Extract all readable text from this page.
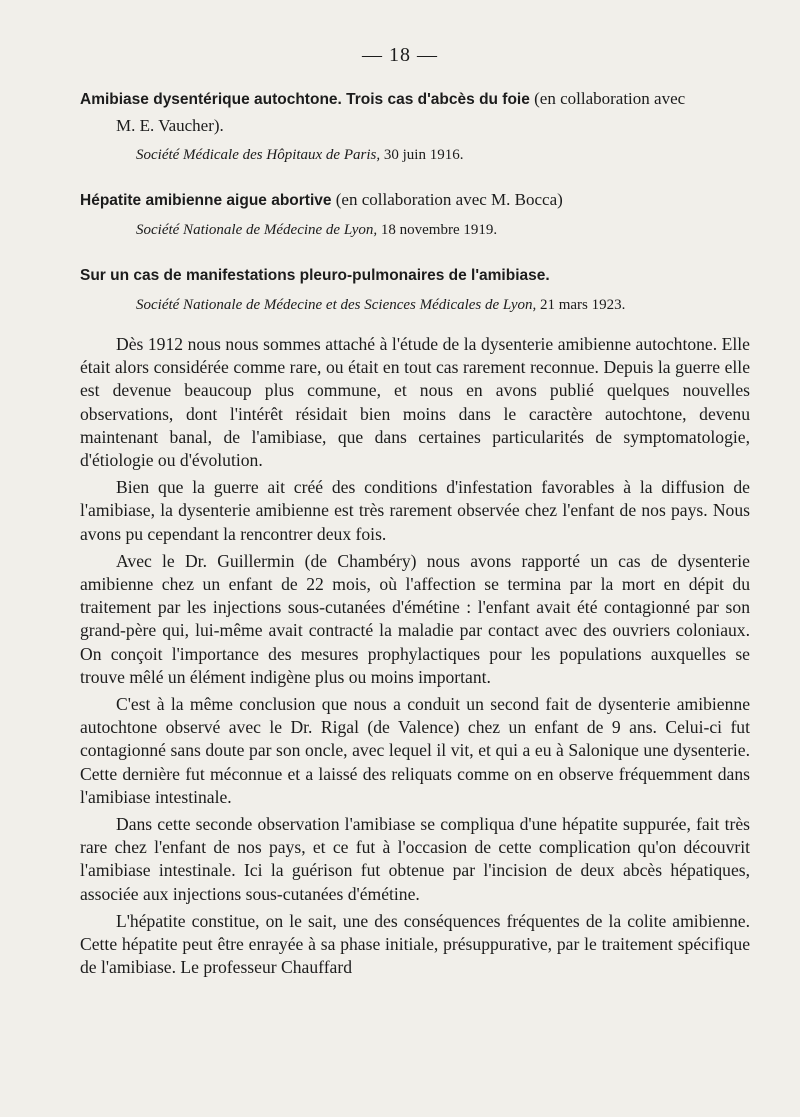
— 18 —
Amibiase dysentérique autochtone. Trois cas d'abcès du foie (en collaboration avec
M. E. Vaucher).
Société Médicale des Hôpitaux de Paris, 30 juin 1916.
Hépatite amibienne aigue abortive (en collaboration avec M. Bocca)
Société Nationale de Médecine de Lyon, 18 novembre 1919.
Sur un cas de manifestations pleuro-pulmonaires de l'amibiase.
Société Nationale de Médecine et des Sciences Médicales de Lyon, 21 mars 1923.

Dès 1912 nous nous sommes attaché à l'étude de la dysenterie amibienne autochtone. Elle était alors considérée comme rare, ou était en tout cas rarement reconnue. Depuis la guerre elle est devenue beaucoup plus commune, et nous en avons publié quelques nouvelles observations, dont l'intérêt résidait bien moins dans le caractère autochtone, devenu maintenant banal, de l'amibiase, que dans certaines particularités de symptomatologie, d'étiologie ou d'évolution.

Bien que la guerre ait créé des conditions d'infestation favorables à la diffusion de l'amibiase, la dysenterie amibienne est très rarement observée chez l'enfant de nos pays. Nous avons pu cependant la rencontrer deux fois.

Avec le Dr. Guillermin (de Chambéry) nous avons rapporté un cas de dysenterie amibienne chez un enfant de 22 mois, où l'affection se termina par la mort en dépit du traitement par les injections sous-cutanées d'émétine : l'enfant avait été contagionné par son grand-père qui, lui-même avait contracté la maladie par contact avec des ouvriers coloniaux. On conçoit l'importance des mesures prophylactiques pour les populations auxquelles se trouve mêlé un élément indigène plus ou moins important.

C'est à la même conclusion que nous a conduit un second fait de dysenterie amibienne autochtone observé avec le Dr. Rigal (de Valence) chez un enfant de 9 ans. Celui-ci fut contagionné sans doute par son oncle, avec lequel il vit, et qui a eu à Salonique une dysenterie. Cette dernière fut méconnue et a laissé des reliquats comme on en observe fréquemment dans l'amibiase intestinale.

Dans cette seconde observation l'amibiase se compliqua d'une hépatite suppurée, fait très rare chez l'enfant de nos pays, et ce fut à l'occasion de cette complication qu'on découvrit l'amibiase intestinale. Ici la guérison fut obtenue par l'incision de deux abcès hépatiques, associée aux injections sous-cutanées d'émétine.

L'hépatite constitue, on le sait, une des conséquences fréquentes de la colite amibienne. Cette hépatite peut être enrayée à sa phase initiale, présuppurative, par le traitement spécifique de l'amibiase. Le professeur Chauffard
